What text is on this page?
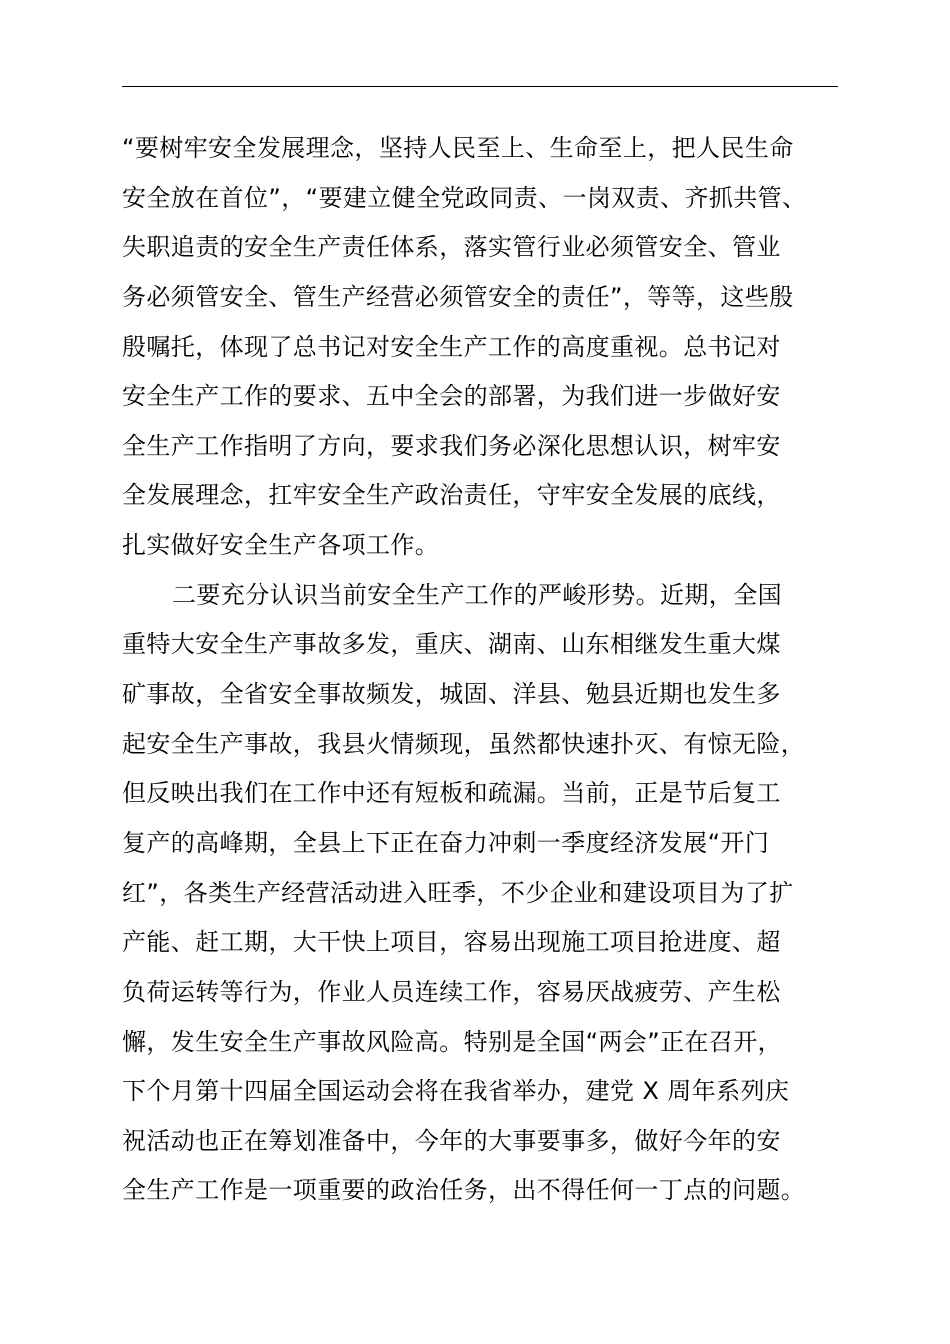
“要树牢安全发展理念，坚持人民至上、生命至上，把人民生命
安全放在首位”，“要建立健全党政同责、一岗双责、齐抓共管、
失职追责的安全生产责任体系，落实管行业必须管安全、管业
务必须管安全、管生产经营必须管安全的责任”，等等，这些殷
殷嘱托，体现了总书记对安全生产工作的高度重视。总书记对
安全生产工作的要求、五中全会的部署，为我们进一步做好安
全生产工作指明了方向，要求我们务必深化思想认识，树牢安
全发展理念，扛牢安全生产政治责任，守牢安全发展的底线，
扎实做好安全生产各项工作。
二要充分认识当前安全生产工作的严峻形势。近期，全国
重特大安全生产事故多发，重庆、湖南、山东相继发生重大煤
矿事故，全省安全事故频发，城固、洋县、勉县近期也发生多
起安全生产事故，我县火情频现，虽然都快速扑灭、有惊无险，
但反映出我们在工作中还有短板和疏漏。当前，正是节后复工
复产的高峰期，全县上下正在奋力冲刺一季度经济发展“开门
红”，各类生产经营活动进入旺季，不少企业和建设项目为了扩
产能、赶工期，大干快上项目，容易出现施工项目抢进度、超
负荷运转等行为，作业人员连续工作，容易厌战疲劳、产生松
懈，发生安全生产事故风险高。特别是全国“两会”正在召开，
下个月第十四届全国运动会将在我省举办，建党 X 周年系列庆
祝活动也正在筹划准备中，今年的大事要事多，做好今年的安
全生产工作是一项重要的政治任务，出不得任何一丁点的问题。
